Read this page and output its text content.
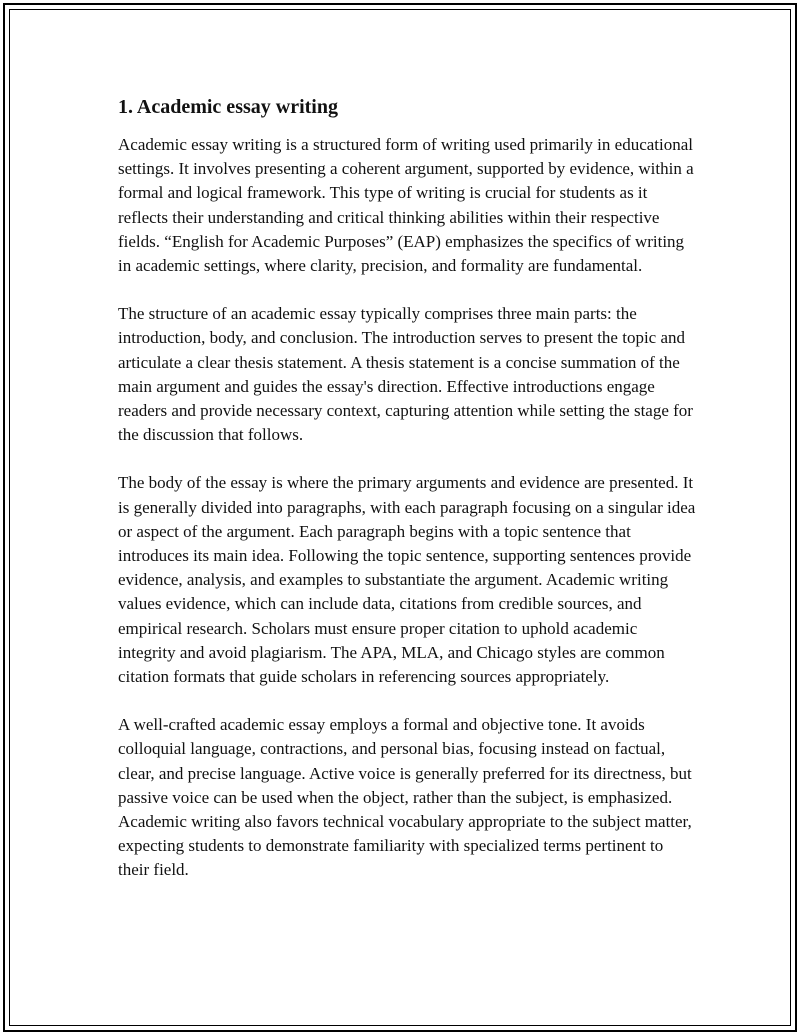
1. Academic essay writing

Academic essay writing is a structured form of writing used primarily in educational settings. It involves presenting a coherent argument, supported by evidence, within a formal and logical framework. This type of writing is crucial for students as it reflects their understanding and critical thinking abilities within their respective fields. “English for Academic Purposes” (EAP) emphasizes the specifics of writing in academic settings, where clarity, precision, and formality are fundamental.

The structure of an academic essay typically comprises three main parts: the introduction, body, and conclusion. The introduction serves to present the topic and articulate a clear thesis statement. A thesis statement is a concise summation of the main argument and guides the essay's direction. Effective introductions engage readers and provide necessary context, capturing attention while setting the stage for the discussion that follows.

The body of the essay is where the primary arguments and evidence are presented. It is generally divided into paragraphs, with each paragraph focusing on a singular idea or aspect of the argument. Each paragraph begins with a topic sentence that introduces its main idea. Following the topic sentence, supporting sentences provide evidence, analysis, and examples to substantiate the argument. Academic writing values evidence, which can include data, citations from credible sources, and empirical research. Scholars must ensure proper citation to uphold academic integrity and avoid plagiarism. The APA, MLA, and Chicago styles are common citation formats that guide scholars in referencing sources appropriately.

A well-crafted academic essay employs a formal and objective tone. It avoids colloquial language, contractions, and personal bias, focusing instead on factual, clear, and precise language. Active voice is generally preferred for its directness, but passive voice can be used when the object, rather than the subject, is emphasized. Academic writing also favors technical vocabulary appropriate to the subject matter, expecting students to demonstrate familiarity with specialized terms pertinent to their field.
